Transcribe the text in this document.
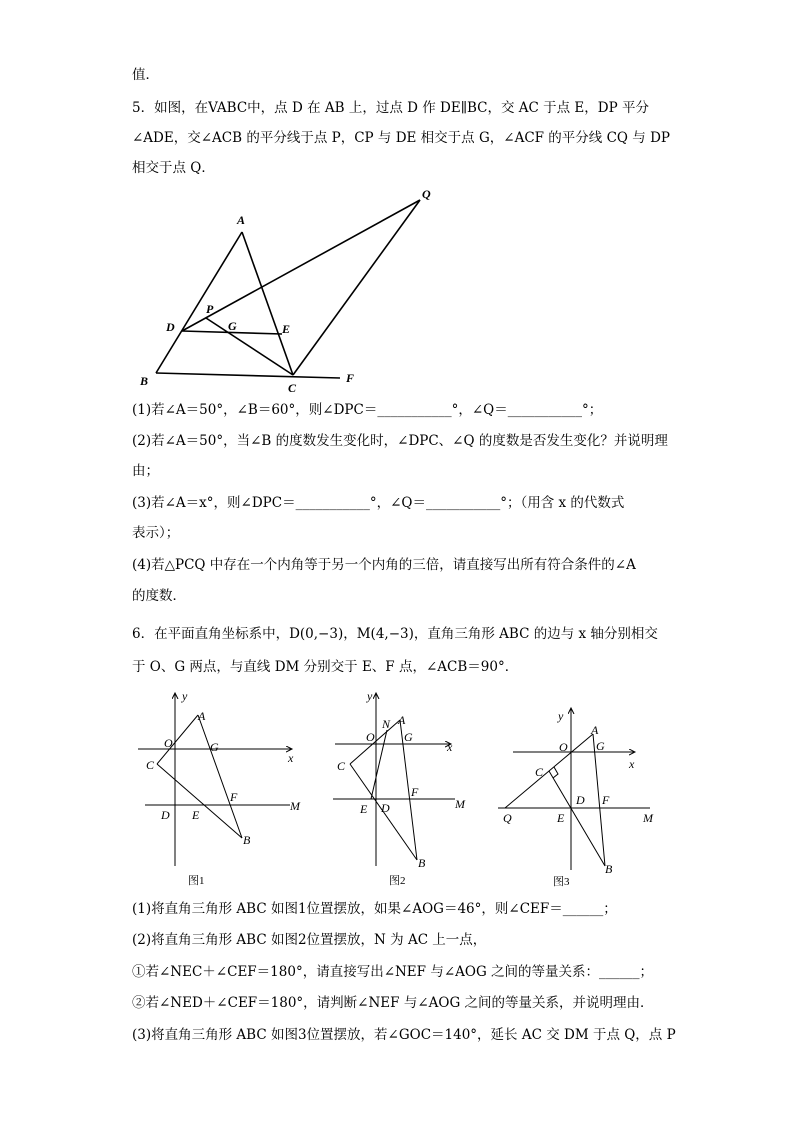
值．
5．如图，在VABC中，点 D 在 AB 上，过点 D 作 DE∥BC，交 AC 于点 E，DP 平分
∠ADE，交∠ACB 的平分线于点 P，CP 与 DE 相交于点 G，∠ACF 的平分线 CQ 与 DP
相交于点 Q．
A
B	C
D	E
F
G
P
Q
(1)若∠A＝50°，∠B＝60°，则∠DPC＝___________°，∠Q＝___________°；
(2)若∠A＝50°，当∠B 的度数发生变化时，∠DPC、∠Q 的度数是否发生变化？并说明理
由；
(3)若∠A＝x°，则∠DPC＝___________°，∠Q＝___________°；（用含 x 的代数式
表示）；
(4)若△PCQ 中存在一个内角等于另一个内角的三倍，请直接写出所有符合条件的∠A
的度数．
6．在平面直角坐标系中，D(0,−3)，M(4,−3)，直角三角形 ABC 的边与 x 轴分别相交
于 O、G 两点，与直线 DM 分别交于 E、F 点，∠ACB＝90°．
y
x
A
O	G
C
F
M
D E
B
图1
y
x
N A
O G
C
F
M
E D
B
图2
y
x
A
O G
C
D F
Q	E	M
B
图3
(1)将直角三角形 ABC 如图1位置摆放，如果∠AOG＝46°，则∠CEF＝______；
(2)将直角三角形 ABC 如图2位置摆放，N 为 AC 上一点，
①若∠NEC＋∠CEF＝180°，请直接写出∠NEF 与∠AOG 之间的等量关系：______；
②若∠NED＋∠CEF＝180°，请判断∠NEF 与∠AOG 之间的等量关系，并说明理由．
(3)将直角三角形 ABC 如图3位置摆放，若∠GOC＝140°，延长 AC 交 DM 于点 Q，点 P
